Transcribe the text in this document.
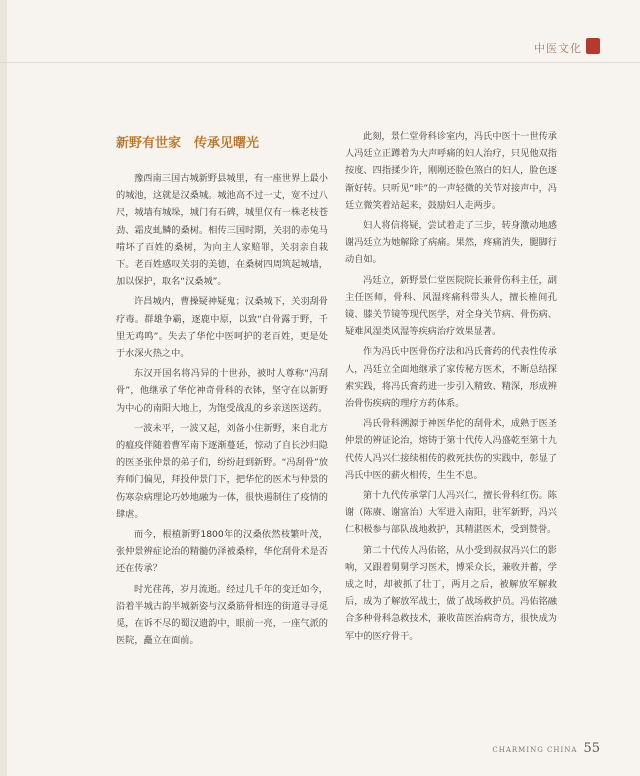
中医文化
新野有世家　传承见曙光

豫西南三国古城新野县城里，有一座世界上最小的城池，这就是汉桑城。城池高不过一丈，宽不过八尺，城墙有城垛，城门有石碑，城里仅有一株老枝苍劲、霜皮虬鳞的桑树。相传三国时期，关羽的赤兔马啃坏了百姓的桑树，为向主人家赔罪，关羽亲自栽下。老百姓感叹关羽的美德，在桑树四周筑起城墙，加以保护，取名“汉桑城”。

许昌城内，曹操疑神疑鬼；汉桑城下，关羽刮骨疗毒。群雄争霸，逐鹿中原，以致“白骨露于野，千里无鸡鸣”。失去了华佗中医呵护的老百姓，更是处于水深火热之中。

东汉开国名将冯异的十世孙，被时人尊称“冯刮骨”，他继承了华佗神奇骨科的衣钵，坚守在以新野为中心的南阳大地上，为饱受战乱的乡亲送医送药。

一波未平，一波又起，刘备小住新野，来自北方的瘟疫伴随着曹军南下逐渐蔓延，惊动了自长沙归隐的医圣张仲景的弟子们，纷纷赶到新野。“冯刮骨”放弃师门偏见，拜投仲景门下，把华佗的医术与仲景的伤寒杂病理论巧妙地融为一体，很快遏制住了疫情的肆虐。

而今，根植新野1800年的汉桑依然枝繁叶茂，张仲景辨症论治的精髓仍泽被桑梓，华佗刮骨术是否还在传承？

时光荏苒，岁月流逝。经过几千年的变迁如今，沿着半城古韵半城新姿与汉桑筋骨相连的街道寻寻觅觅，在诉不尽的蜀汉遗韵中，眼前一亮，一座气派的医院，矗立在面前。

此刻，景仁堂骨科诊室内，冯氏中医十一世传承人冯廷立正蹲着为大声呼痛的妇人治疗，只见他双指按度、四指揉少许，刚刚还脸色煞白的妇人，脸色逐渐好转。只听见“咔”的一声轻微的关节对接声中，冯廷立微笑着站起来，鼓励妇人走两步。

妇人将信将疑，尝试着走了三步，转身激动地感谢冯廷立为她解除了病痛。果然，疼痛消失，腿脚行动自如。

冯廷立，新野景仁堂医院院长兼骨伤科主任，副主任医师，骨科、风湿疼痛科带头人，擅长椎间孔镜、膝关节镜等现代医学，对全身关节病、骨伤病、疑难风湿类风湿等疾病治疗效果显著。

作为冯氏中医骨伤疗法和冯氏膏药的代表性传承人，冯廷立全面地继承了家传秘方医术，不断总结探索实践，将冯氏膏药进一步引入精致、精深，形成辨治骨伤疾病的理疗方药体系。

冯氏骨科溯源于神医华佗的刮骨术，成熟于医圣仲景的辨证论治，熔铸于第十代传人冯盛乾至第十九代传人冯兴仁接续相传的救死扶伤的实践中，彰显了冯氏中医的薪火相传，生生不息。

第十九代传承掌门人冯兴仁，擅长骨科红伤。陈谢（陈赓、谢富治）大军进入南阳，驻军新野，冯兴仁积极参与部队战地救护，其精湛医术，受到赞誉。

第二十代传人冯佑铭，从小受到叔叔冯兴仁的影响，又跟着舅舅学习医术，博采众长，兼收并蓄，学成之时，却被抓了壮丁，两月之后，被解放军解救后，成为了解放军战士，做了战场救护员。冯佑铭融合多种骨科急救技术，兼收苗医治病奇方，很快成为军中的医疗骨干。

CHARMING CHINA 55
